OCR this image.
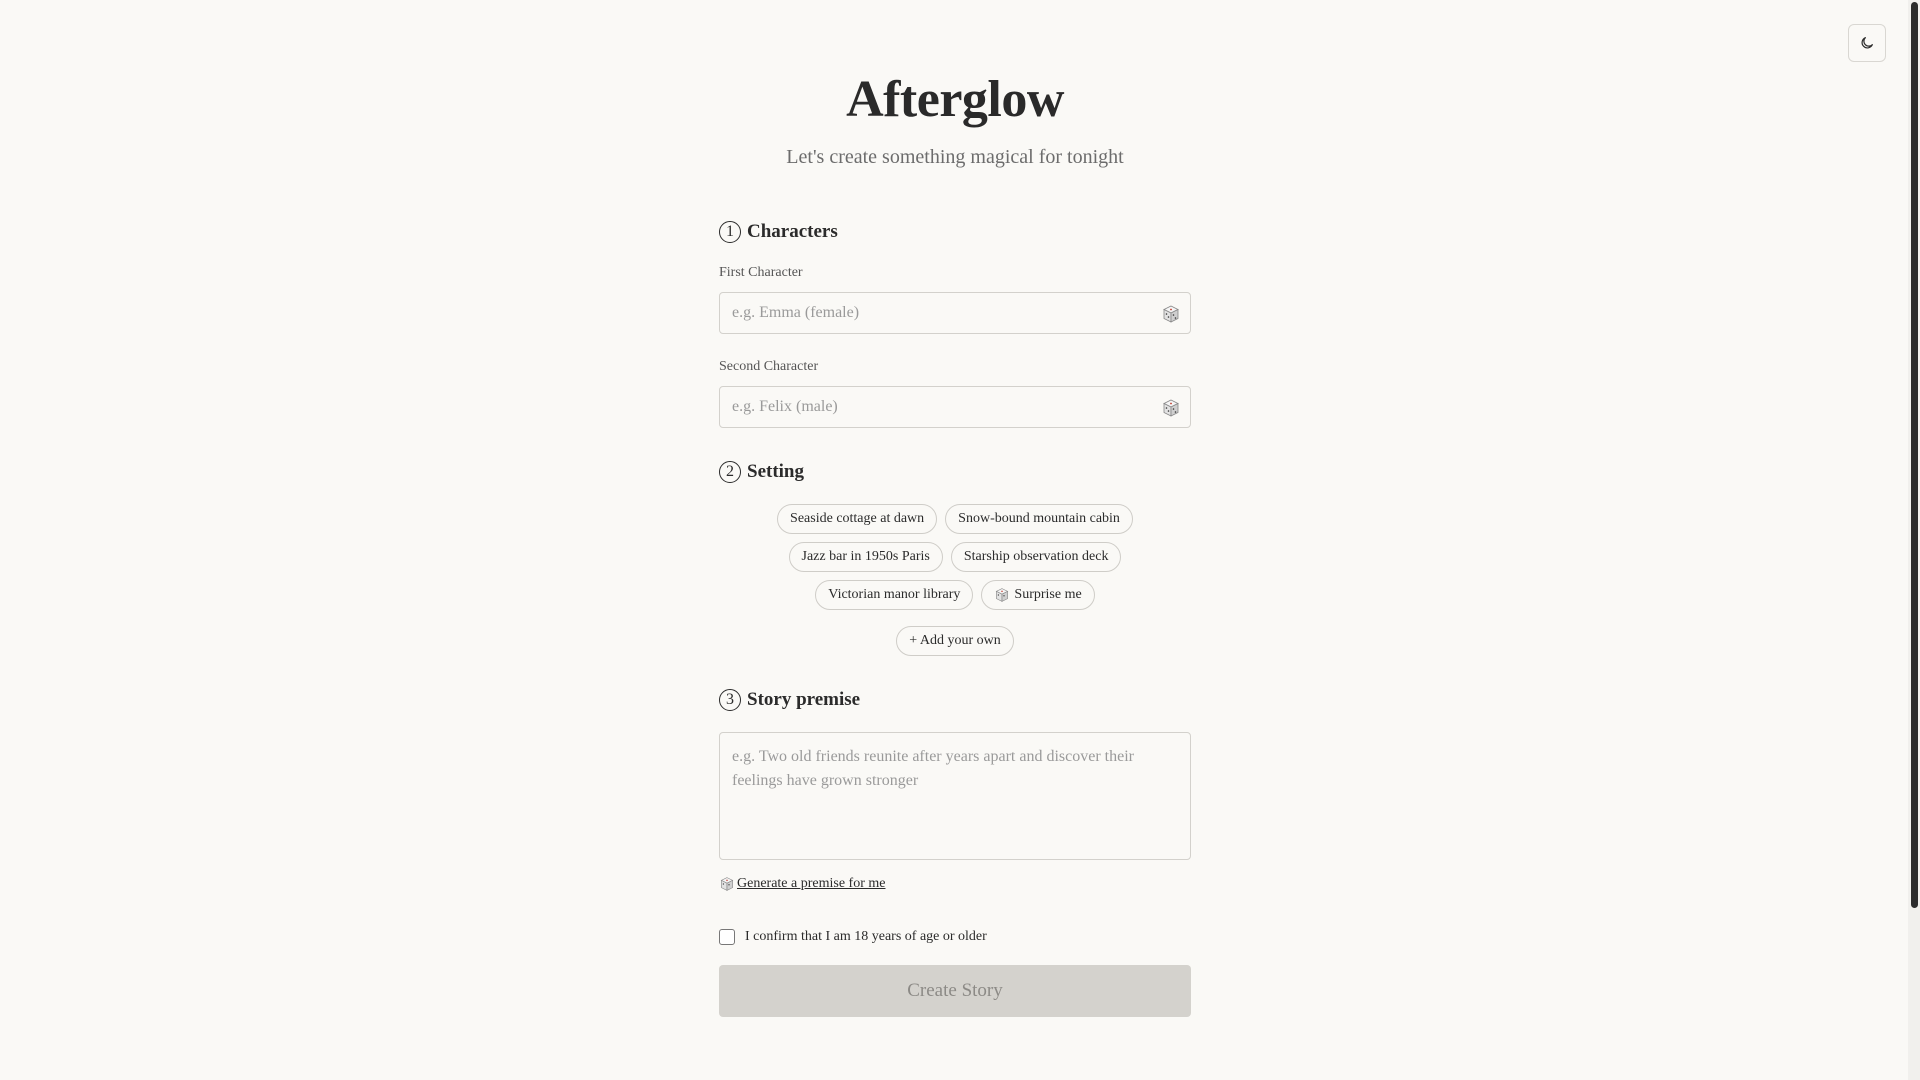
Afterglow

Let's create something magical for tonight

1 Characters
First Character
e.g. Emma (female)
Second Character
e.g. Felix (male)
2 Setting
Seaside cottage at dawn	Snow-bound mountain cabin
Jazz bar in 1950s Paris	Starship observation deck
Victorian manor library	Surprise me
+ Add your own
3 Story premise
e.g. Two old friends reunite after years apart and discover their feelings have grown stronger
Generate a premise for me
I confirm that I am 18 years of age or older
Create Story
